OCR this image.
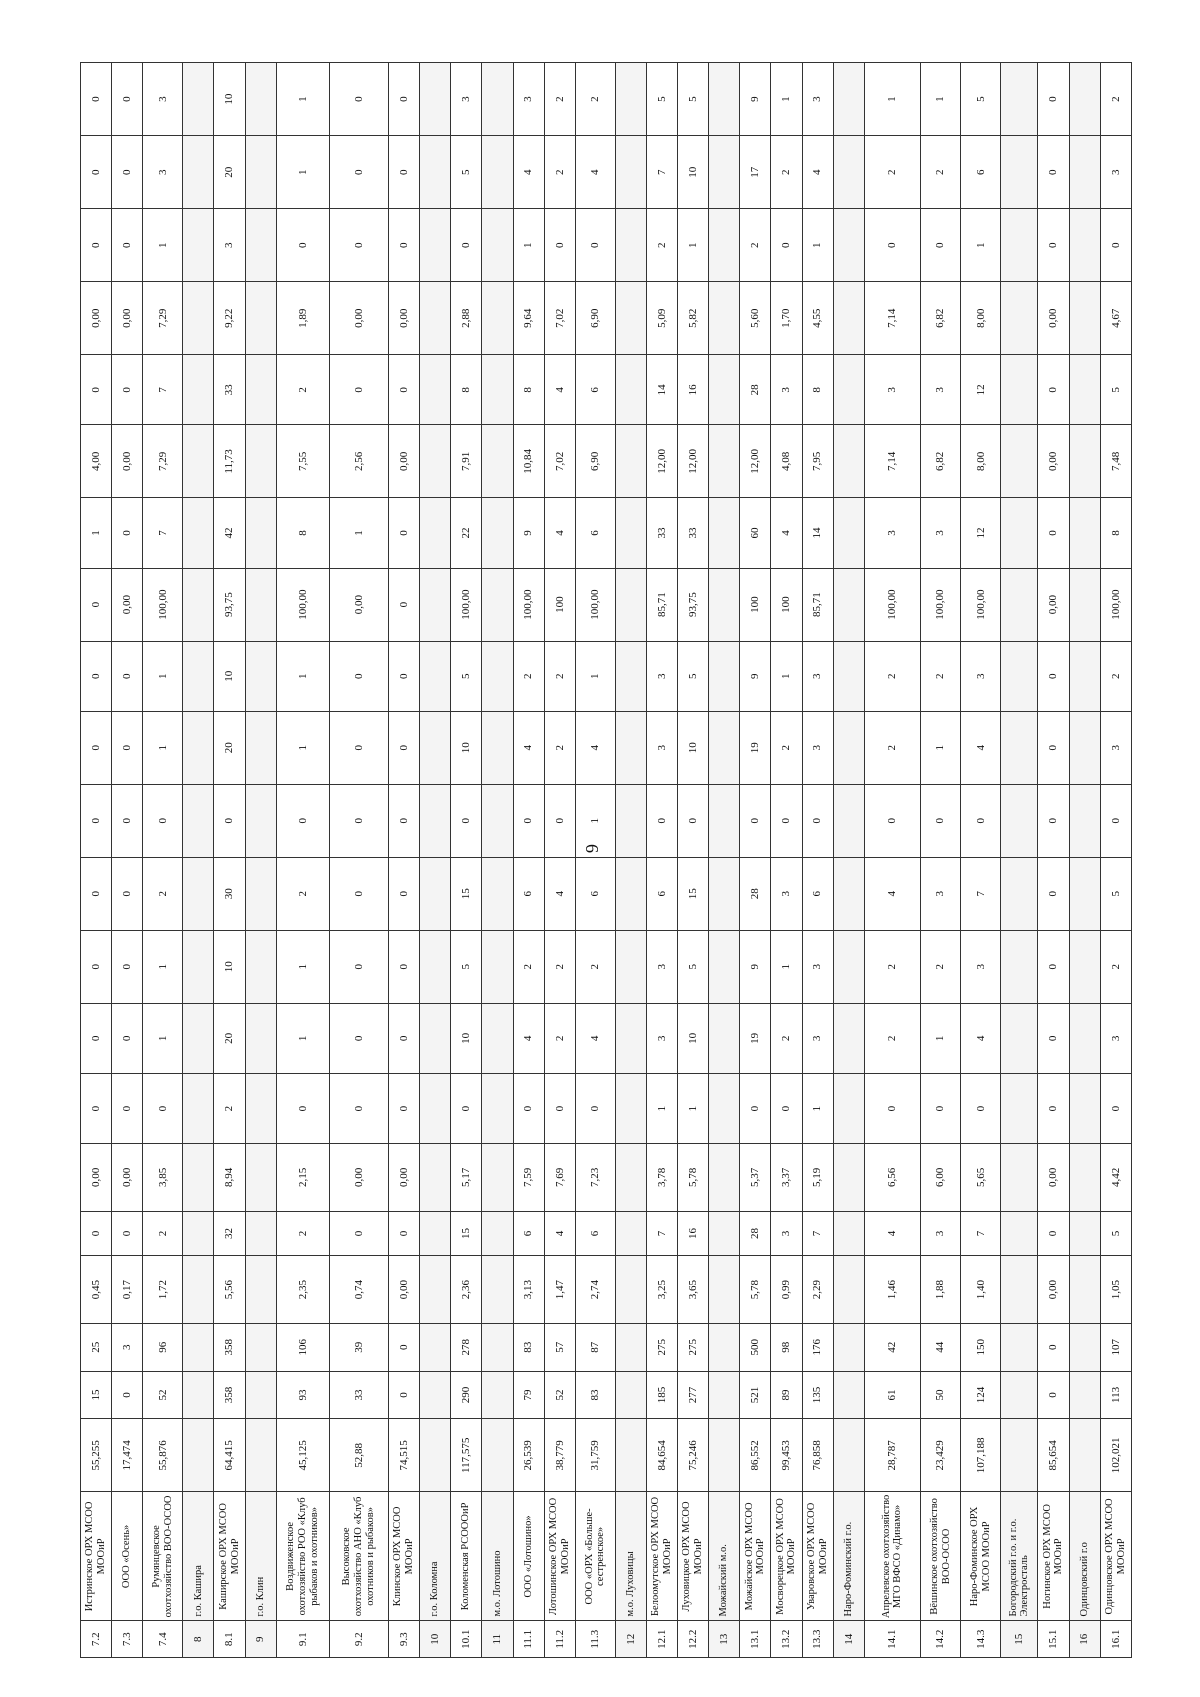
6
7.2	Истринское ОРХ МСОО МООиР	55,255	15	25	0,45	0	0,00	0	0	0	0	0	0	0	0	1	4,00	0	0,00	0	0	0
7.3	ООО «Осень»	17,474	0	3	0,17	0	0,00	0	0	0	0	0	0	0	0,00	0	0,00	0	0,00	0	0	0
7.4	Румянцевское охотхозяйство ВОО-ОСОО	55,876	52	96	1,72	2	3,85	0	1	1	2	0	1	1	100,00	7	7,29	7	7,29	1	3	3
8	г.о. Кашира																					
8.1	Каширское ОРХ МСОО МООиР	64,415	358	358	5,56	32	8,94	2	20	10	30	0	20	10	93,75	42	11,73	33	9,22	3	20	10
9	г.о. Клин																					
9.1	Воздвиженское охотхозяйство РОО «Клуб рыбаков и охотников»	45,125	93	106	2,35	2	2,15	0	1	1	2	0	1	1	100,00	8	7,55	2	1,89	0	1	1
9.2	Высоковское охотхозяйство АНО «Клуб охотников и рыбаков»	52,88	33	39	0,74	0	0,00	0	0	0	0	0	0	0	0,00	1	2,56	0	0,00	0	0	0
9.3	Клинское ОРХ МСОО МООиР	74,515	0	0	0,00	0	0,00	0	0	0	0	0	0	0	0	0	0,00	0	0,00	0	0	0
10	г.о. Коломна																					
10.1	Коломенская РСОООиР	117,575	290	278	2,36	15	5,17	0	10	5	15	0	10	5	100,00	22	7,91	8	2,88	0	5	3
11	м.о. Лотошино																					
11.1	ООО «Лотошино»	26,539	79	83	3,13	6	7,59	0	4	2	6	0	4	2	100,00	9	10,84	8	9,64	1	4	3
11.2	Лотошинское ОРХ МСОО МООиР	38,779	52	57	1,47	4	7,69	0	2	2	4	0	2	2	100	4	7,02	4	7,02	0	2	2
11.3	ООО «ОРХ «Больше-сестренское»	31,759	83	87	2,74	6	7,23	0	4	2	6	1	4	1	100,00	6	6,90	6	6,90	0	4	2
12	м.о. Луховицы																					
12.1	Белоомутское ОРХ МСОО МООиР	84,654	185	275	3,25	7	3,78	1	3	3	6	0	3	3	85,71	33	12,00	14	5,09	2	7	5
12.2	Луховицкое ОРХ МСОО МООиР	75,246	277	275	3,65	16	5,78	1	10	5	15	0	10	5	93,75	33	12,00	16	5,82	1	10	5
13	Можайский м.о.																					
13.1	Можайское ОРХ МСОО МООиР	86,552	521	500	5,78	28	5,37	0	19	9	28	0	19	9	100	60	12,00	28	5,60	2	17	9
13.2	Мосворецкое ОРХ МСОО МООиР	99,453	89	98	0,99	3	3,37	0	2	1	3	0	2	1	100	4	4,08	3	1,70	0	2	1
13.3	Уваровское ОРХ МСОО МООиР	76,858	135	176	2,29	7	5,19	1	3	3	6	0	3	3	85,71	14	7,95	8	4,55	1	4	3
14	Наро-Фоминский г.о.																					
14.1	Апрелевское охотхозяйство МГО ВФСО «Динамо»	28,787	61	42	1,46	4	6,56	0	2	2	4	0	2	2	100,00	3	7,14	3	7,14	0	2	1
14.2	Вёшинское охотхозяйство ВОО-ОСОО	23,429	50	44	1,88	3	6,00	0	1	2	3	0	1	2	100,00	3	6,82	3	6,82	0	2	1
14.3	Наро-Фоминское ОРХ МСОО МООиР	107,188	124	150	1,40	7	5,65	0	4	3	7	0	4	3	100,00	12	8,00	12	8,00	1	6	5
15	Богородский г.о. и г.о. Электросталь																					
15.1	Ногинское ОРХ МСОО МООиР	85,654	0	0	0,00	0	0,00	0	0	0	0	0	0	0	0,00	0	0,00	0	0,00	0	0	0
16	Одинцовский г.о																					
16.1	Одинцовское ОРХ МСОО МООиР	102,021	113	107	1,05	5	4,42	0	3	2	5	0	3	2	100,00	8	7,48	5	4,67	0	3	2
